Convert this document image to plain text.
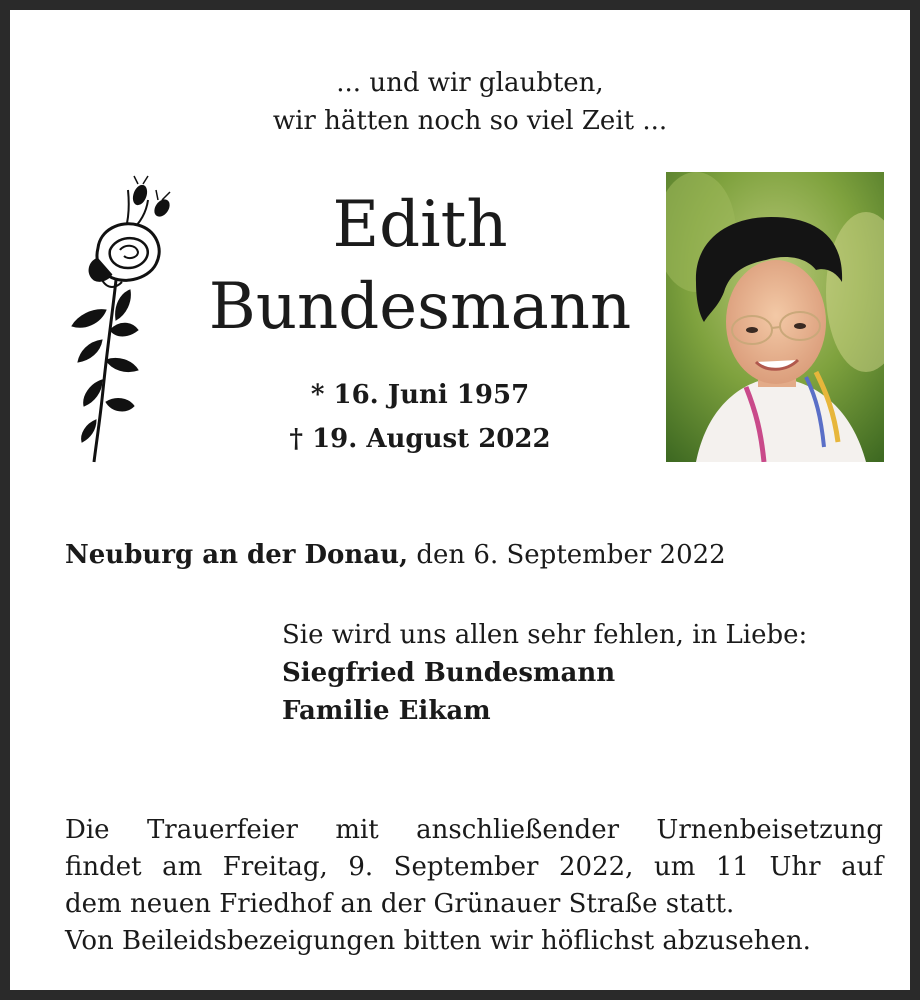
... und wir glaubten,
wir hätten noch so viel Zeit ...
Edith
Bundesmann
* 16. Juni 1957
† 19. August 2022
Neuburg an der Donau, den 6. September 2022
Sie wird uns allen sehr fehlen, in Liebe:
Siegfried Bundesmann
Familie Eikam
Die Trauerfeier mit anschließender Urnenbeisetzung
findet am Freitag, 9. September 2022, um 11 Uhr auf
dem neuen Friedhof an der Grünauer Straße statt.
Von Beileidsbezeigungen bitten wir höflichst abzusehen.
